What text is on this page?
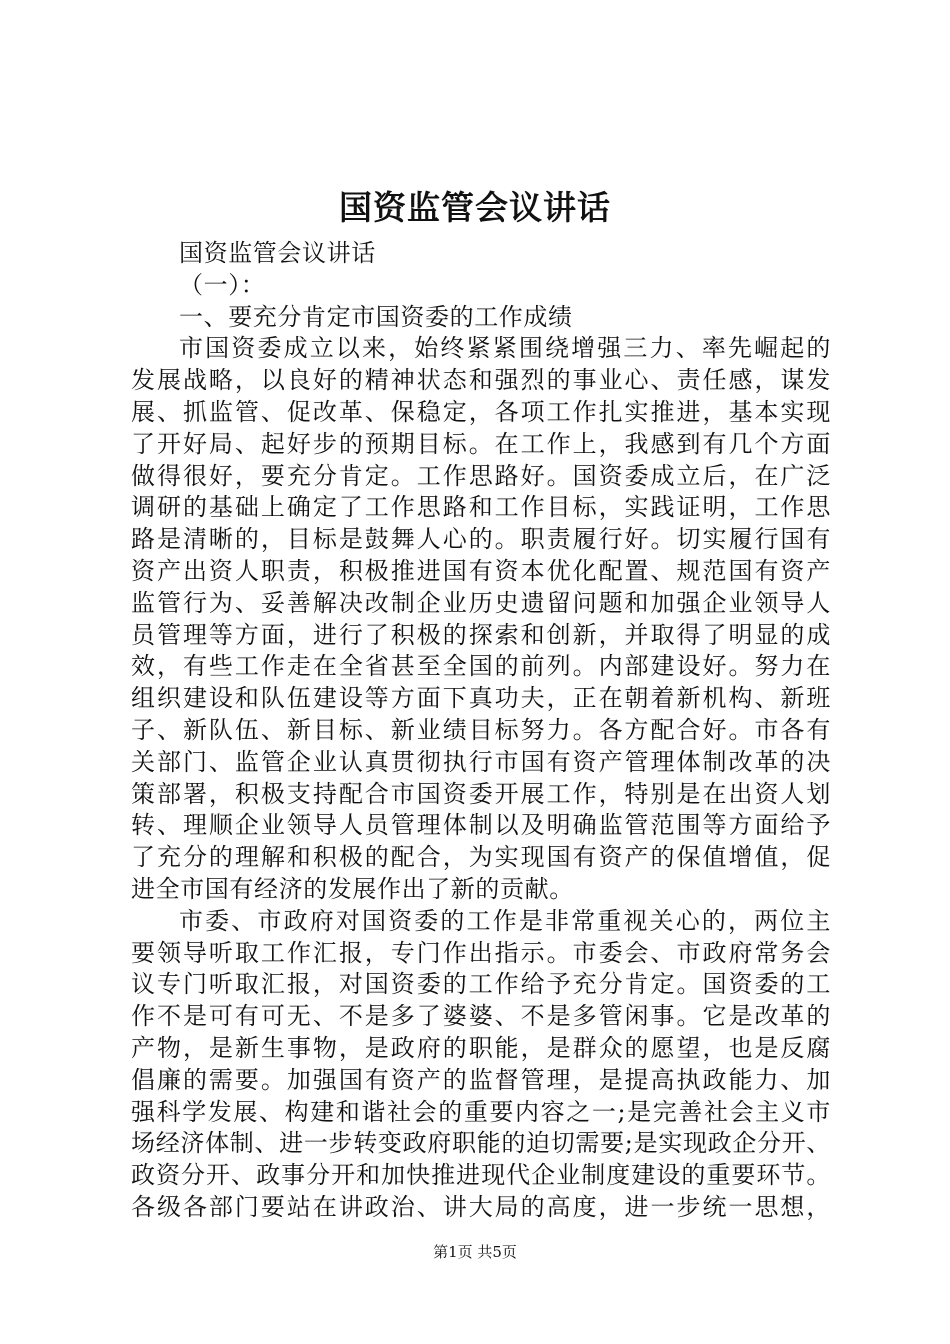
国资监管会议讲话
国资监管会议讲话
（一）：
一、要充分肯定市国资委的工作成绩
市国资委成立以来，始终紧紧围绕增强三力、率先崛起的
发展战略，以良好的精神状态和强烈的事业心、责任感，谋发
展、抓监管、促改革、保稳定，各项工作扎实推进，基本实现
了开好局、起好步的预期目标。在工作上，我感到有几个方面
做得很好，要充分肯定。工作思路好。国资委成立后，在广泛
调研的基础上确定了工作思路和工作目标，实践证明，工作思
路是清晰的，目标是鼓舞人心的。职责履行好。切实履行国有
资产出资人职责，积极推进国有资本优化配置、规范国有资产
监管行为、妥善解决改制企业历史遗留问题和加强企业领导人
员管理等方面，进行了积极的探索和创新，并取得了明显的成
效，有些工作走在全省甚至全国的前列。内部建设好。努力在
组织建设和队伍建设等方面下真功夫，正在朝着新机构、新班
子、新队伍、新目标、新业绩目标努力。各方配合好。市各有
关部门、监管企业认真贯彻执行市国有资产管理体制改革的决
策部署，积极支持配合市国资委开展工作，特别是在出资人划
转、理顺企业领导人员管理体制以及明确监管范围等方面给予
了充分的理解和积极的配合，为实现国有资产的保值增值，促
进全市国有经济的发展作出了新的贡献。
市委、市政府对国资委的工作是非常重视关心的，两位主
要领导听取工作汇报，专门作出指示。市委会、市政府常务会
议专门听取汇报，对国资委的工作给予充分肯定。国资委的工
作不是可有可无、不是多了婆婆、不是多管闲事。它是改革的
产物，是新生事物，是政府的职能，是群众的愿望，也是反腐
倡廉的需要。加强国有资产的监督管理，是提高执政能力、加
强科学发展、构建和谐社会的重要内容之一;是完善社会主义市
场经济体制、进一步转变政府职能的迫切需要;是实现政企分开、
政资分开、政事分开和加快推进现代企业制度建设的重要环节。
各级各部门要站在讲政治、讲大局的高度，进一步统一思想，
第1页 共5页
